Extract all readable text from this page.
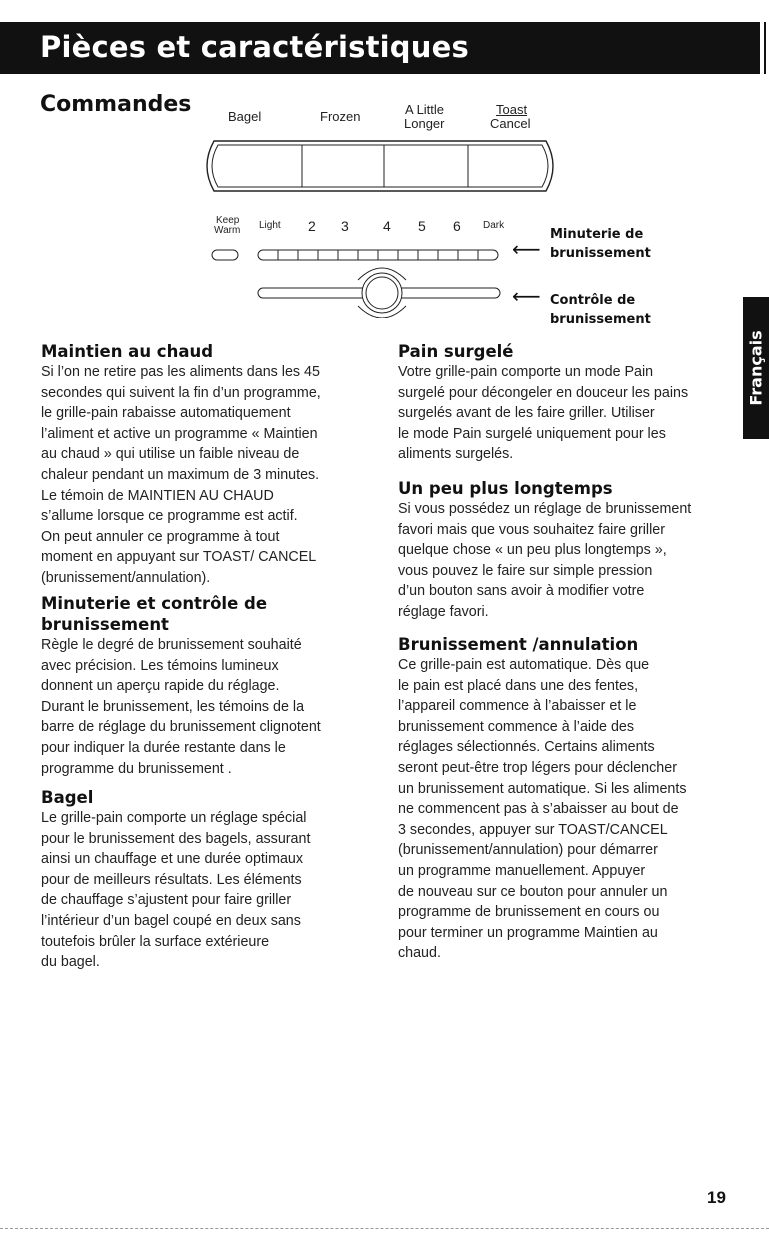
Pièces et caractéristiques
Commandes	Bagel	Frozen	A Little
Longer
Toast
Cancel
Keep
Warm Light 2 3 4 5 6 Dark
⟵
Minuterie de
brunissement
⟵ Contrôle de
brunissement
Français
Maintien au chaud

Si l’on ne retire pas les aliments dans les 45

secondes qui suivent la fin d’un programme,

le grille-pain rabaisse automatiquement

l’aliment et active un programme « Maintien

au chaud » qui utilise un faible niveau de

chaleur pendant un maximum de 3 minutes.

Le témoin de MAINTIEN AU CHAUD

s’allume lorsque ce programme est actif.

On peut annuler ce programme à tout

moment en appuyant sur TOAST/ CANCEL

(brunissement/annulation).

Minuterie et contrôle de
brunissement

Règle le degré de brunissement souhaité

avec précision. Les témoins lumineux

donnent un aperçu rapide du réglage.

Durant le brunissement, les témoins de la

barre de réglage du brunissement clignotent

pour indiquer la durée restante dans le

programme du brunissement .

Bagel

Le grille-pain comporte un réglage spécial

pour le brunissement des bagels, assurant

ainsi un chauffage et une durée optimaux

pour de meilleurs résultats. Les éléments

de chauffage s’ajustent pour faire griller

l’intérieur d’un bagel coupé en deux sans

toutefois brûler la surface extérieure

du bagel.

Pain surgelé

Votre grille-pain comporte un mode Pain

surgelé pour décongeler en douceur les pains

surgelés avant de les faire griller. Utiliser

le mode Pain surgelé uniquement pour les

aliments surgelés.

Un peu plus longtemps

Si vous possédez un réglage de brunissement

favori mais que vous souhaitez faire griller

quelque chose « un peu plus longtemps »,

vous pouvez le faire sur simple pression

d’un bouton sans avoir à modifier votre

réglage favori.

Brunissement /annulation

Ce grille-pain est automatique. Dès que

le pain est placé dans une des fentes,

l’appareil commence à l’abaisser et le

brunissement commence à l’aide des

réglages sélectionnés. Certains aliments

seront peut-être trop légers pour déclencher

un brunissement automatique. Si les aliments

ne commencent pas à s’abaisser au bout de

3 secondes, appuyer sur TOAST/CANCEL

(brunissement/annulation) pour démarrer

un programme manuellement. Appuyer

de nouveau sur ce bouton pour annuler un

programme de brunissement en cours ou

pour terminer un programme Maintien au

chaud.

19
